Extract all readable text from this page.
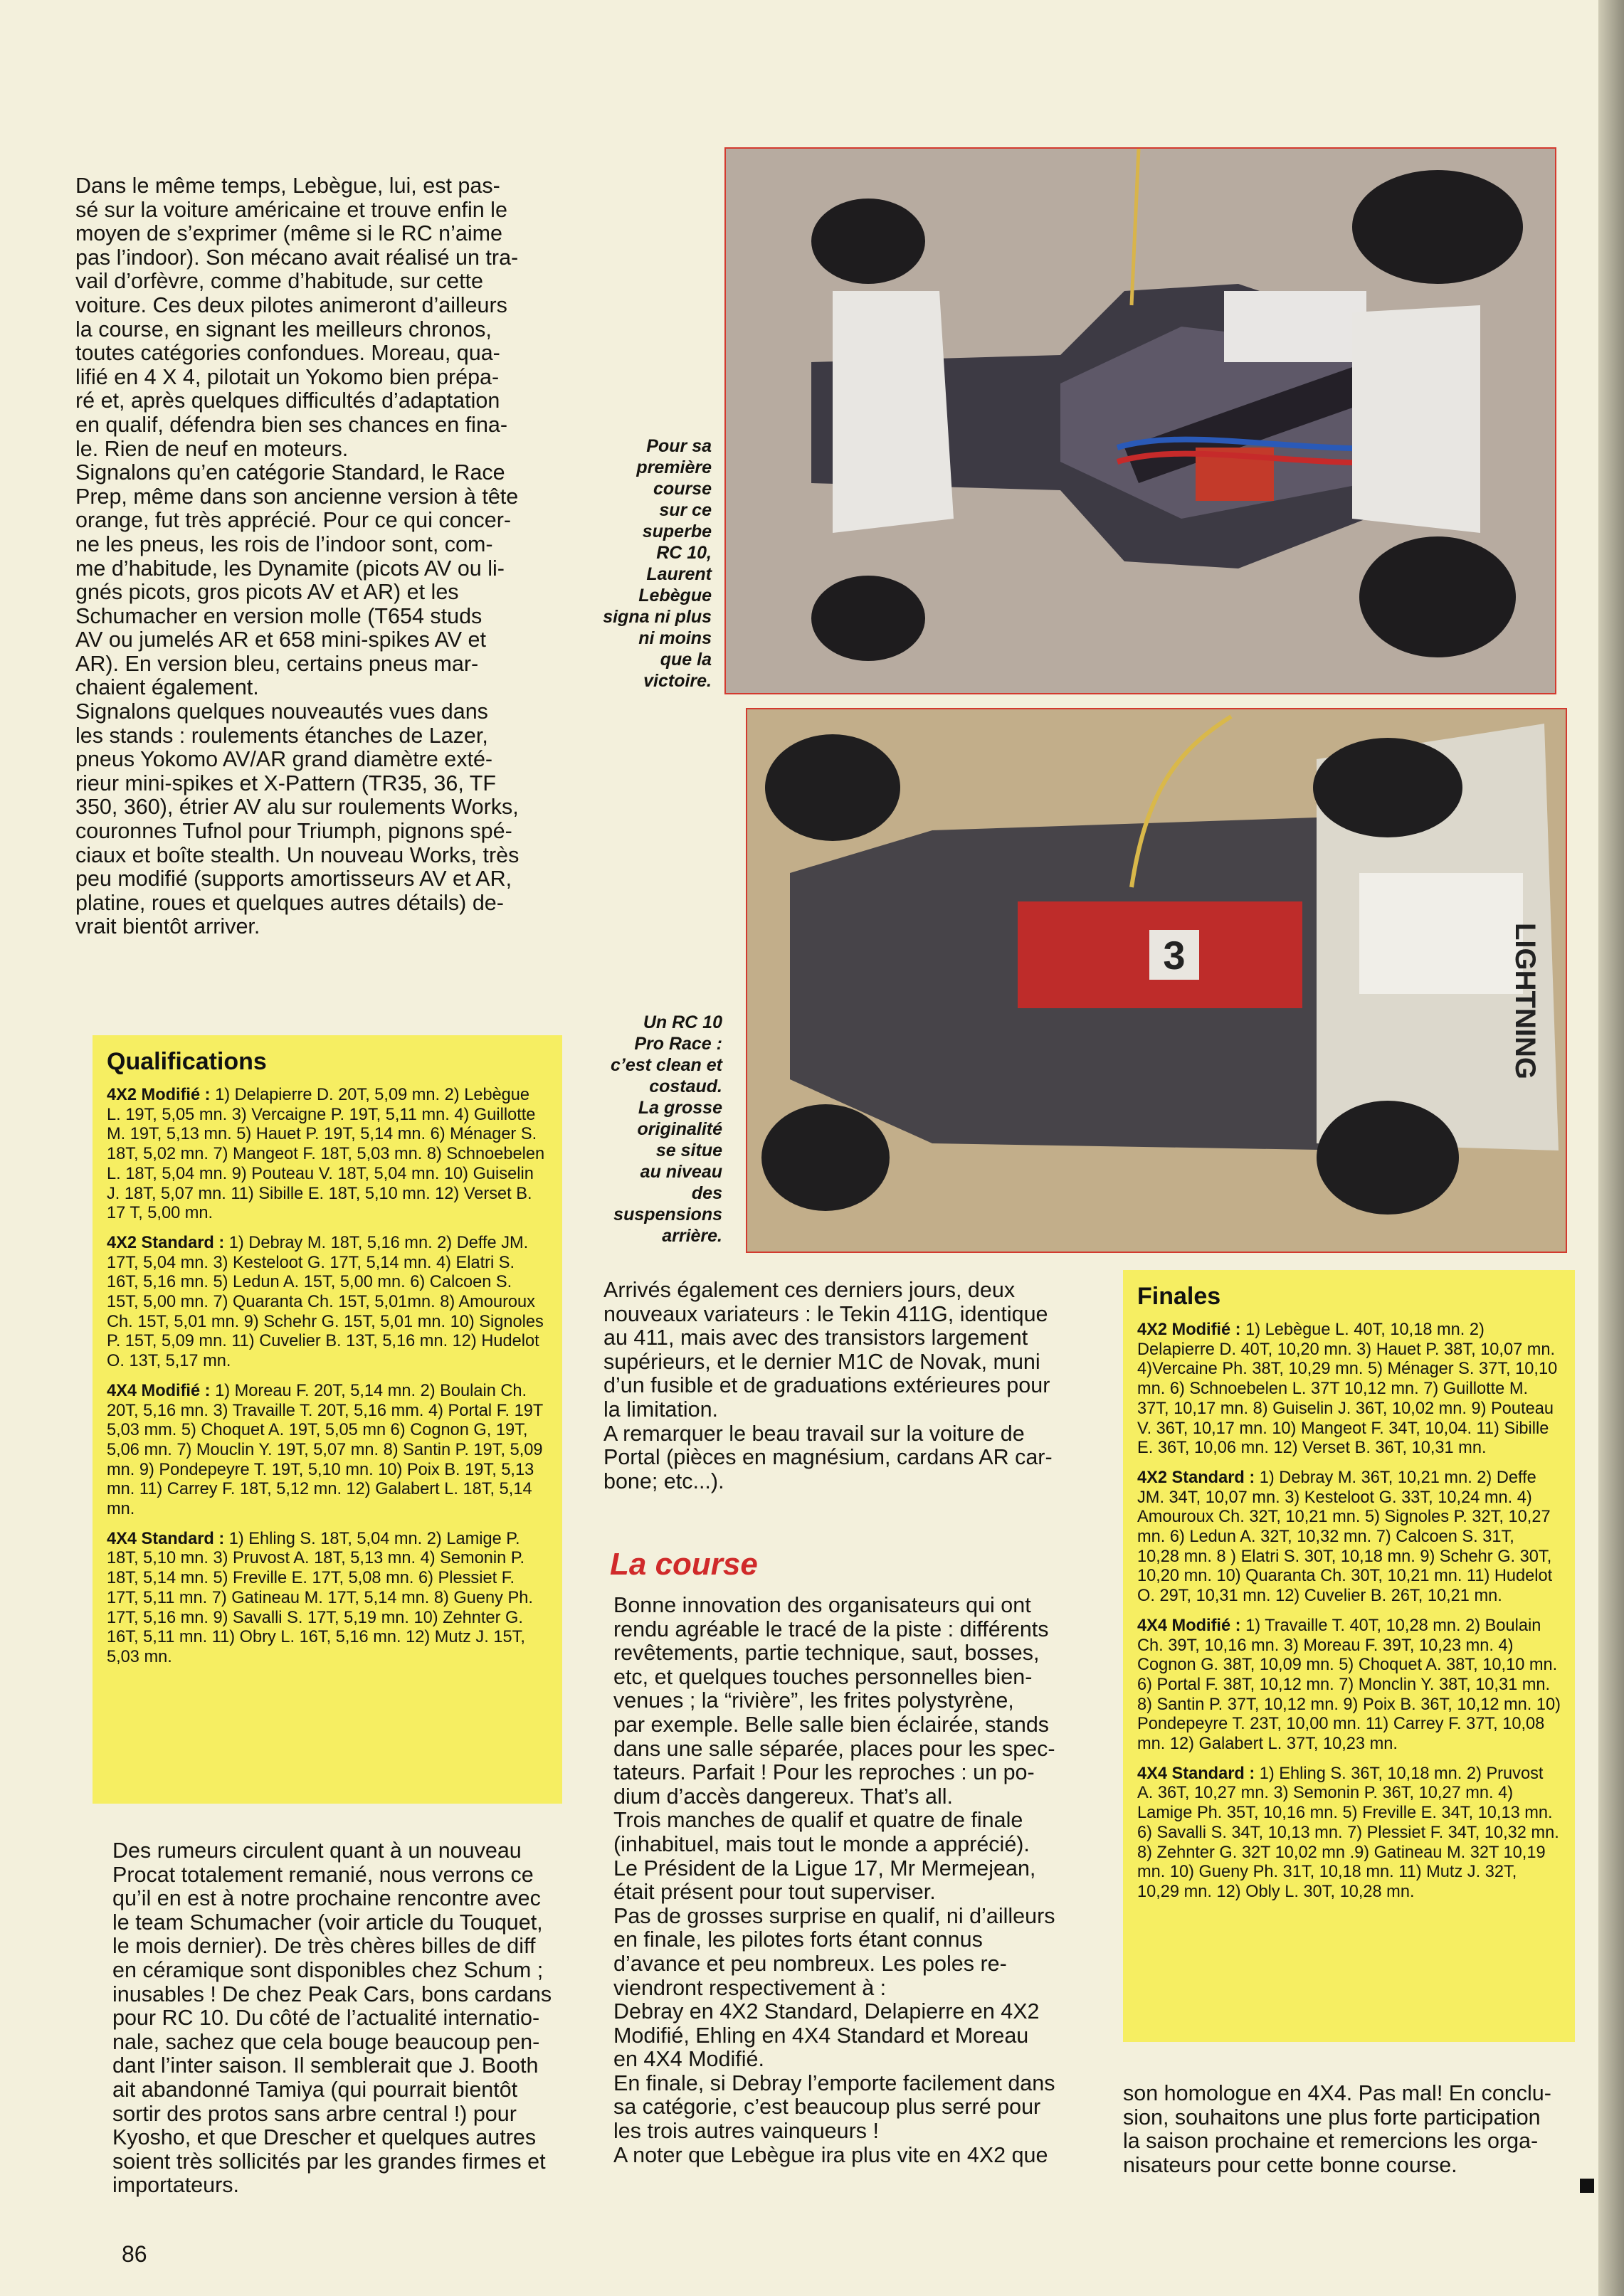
Dans le même temps, Lebègue, lui, est pas-
sé sur la voiture américaine et trouve enfin le
moyen de s’exprimer (même si le RC n’aime
pas l’indoor). Son mécano avait réalisé un tra-
vail d’orfèvre, comme d’habitude, sur cette
voiture. Ces deux pilotes animeront d’ailleurs
la course, en signant les meilleurs chronos,
toutes catégories confondues. Moreau, qua-
lifié en 4 X 4, pilotait un Yokomo bien prépa-
ré et, après quelques difficultés d’adaptation
en qualif, défendra bien ses chances en fina-
le. Rien de neuf en moteurs.
Signalons qu’en catégorie Standard, le Race
Prep, même dans son ancienne version à tête
orange, fut très apprécié. Pour ce qui concer-
ne les pneus, les rois de l’indoor sont, com-
me d’habitude, les Dynamite (picots AV ou li-
gnés picots, gros picots AV et AR) et les
Schumacher en version molle (T654 studs
AV ou jumelés AR et 658 mini-spikes AV et
AR). En version bleu, certains pneus mar-
chaient également.
Signalons quelques nouveautés vues dans
les stands : roulements étanches de Lazer,
pneus Yokomo AV/AR grand diamètre exté-
rieur mini-spikes et X-Pattern (TR35, 36, TF
350, 360), étrier AV alu sur roulements Works,
couronnes Tufnol pour Triumph, pignons spé-
ciaux et boîte stealth. Un nouveau Works, très
peu modifié (supports amortisseurs AV et AR,
platine, roues et quelques autres détails) de-
vrait bientôt arriver.

Qualifications

4X2 Modifié : 1) Delapierre D. 20T, 5,09 mn. 2) Lebègue L. 19T, 5,05 mn. 3) Vercaigne P. 19T, 5,11 mn. 4) Guillotte M. 19T, 5,13 mn. 5) Hauet P. 19T, 5,14 mn. 6) Ménager S. 18T, 5,02 mn. 7) Mangeot F. 18T, 5,03 mn. 8) Schnoebelen L. 18T, 5,04 mn. 9) Pouteau V. 18T, 5,04 mn. 10) Guiselin J. 18T, 5,07 mn. 11) Sibille E. 18T, 5,10 mn. 12) Verset B. 17 T, 5,00 mn.

4X2 Standard : 1) Debray M. 18T, 5,16 mn. 2) Deffe JM. 17T, 5,04 mn. 3) Kesteloot G. 17T, 5,14 mn. 4) Elatri S. 16T, 5,16 mn. 5) Ledun A. 15T, 5,00 mn. 6) Calcoen S. 15T, 5,00 mn. 7) Quaranta Ch. 15T, 5,01mn. 8) Amouroux Ch. 15T, 5,01 mn. 9) Schehr G. 15T, 5,01 mn. 10) Signoles P. 15T, 5,09 mn. 11) Cuvelier B. 13T, 5,16 mn. 12) Hudelot O. 13T, 5,17 mn.

4X4 Modifié : 1) Moreau F. 20T, 5,14 mn. 2) Boulain Ch. 20T, 5,16 mn. 3) Travaille T. 20T, 5,16 mm. 4) Portal F. 19T 5,03 mm. 5) Choquet A. 19T, 5,05 mn 6) Cognon G, 19T, 5,06 mn. 7) Mouclin Y. 19T, 5,07 mn. 8) Santin P. 19T, 5,09 mn. 9) Pondepeyre T. 19T, 5,10 mn. 10) Poix B. 19T, 5,13 mn. 11) Carrey F. 18T, 5,12 mn. 12) Galabert L. 18T, 5,14 mn.

4X4 Standard : 1) Ehling S. 18T, 5,04 mn. 2) Lamige P. 18T, 5,10 mn. 3) Pruvost A. 18T, 5,13 mn. 4) Semonin P. 18T, 5,14 mn. 5) Freville E. 17T, 5,08 mn. 6) Plessiet F. 17T, 5,11 mn. 7) Gatineau M. 17T, 5,14 mn. 8) Gueny Ph. 17T, 5,16 mn. 9) Savalli S. 17T, 5,19 mn. 10) Zehnter G. 16T, 5,11 mn. 11) Obry L. 16T, 5,16 mn. 12) Mutz J. 15T, 5,03 mn.

Des rumeurs circulent quant à un nouveau
Procat totalement remanié, nous verrons ce
qu’il en est à notre prochaine rencontre avec
le team Schumacher (voir article du Touquet,
le mois dernier). De très chères billes de diff
en céramique sont disponibles chez Schum ;
inusables ! De chez Peak Cars, bons cardans
pour RC 10. Du côté de l’actualité internatio-
nale, sachez que cela bouge beaucoup pen-
dant l’inter saison. Il semblerait que J. Booth
ait abandonné Tamiya (qui pourrait bientôt
sortir des protos sans arbre central !) pour
Kyosho, et que Drescher et quelques autres
soient très sollicités par les grandes firmes et
importateurs.

86

Pour sa
première
course
sur ce
superbe
RC 10,
Laurent
Lebègue
signa ni plus
ni moins
que la
victoire.

Un RC 10
Pro Race :
c’est clean et
costaud.
La grosse
originalité
se situe
au niveau
des
suspensions
arrière.

LIGHTNING
3

Arrivés également ces derniers jours, deux
nouveaux variateurs : le Tekin 411G, identique
au 411, mais avec des transistors largement
supérieurs, et le dernier M1C de Novak, muni
d’un fusible et de graduations extérieures pour
la limitation.
A remarquer le beau travail sur la voiture de
Portal (pièces en magnésium, cardans AR car-
bone; etc...).

La course

Bonne innovation des organisateurs qui ont
rendu agréable le tracé de la piste : différents
revêtements, partie technique, saut, bosses,
etc, et quelques touches personnelles bien-
venues ; la “rivière”, les frites polystyrène,
par exemple. Belle salle bien éclairée, stands
dans une salle séparée, places pour les spec-
tateurs. Parfait ! Pour les reproches : un po-
dium d’accès dangereux. That’s all.
Trois manches de qualif et quatre de finale
(inhabituel, mais tout le monde a apprécié).
Le Président de la Ligue 17, Mr Mermejean,
était présent pour tout superviser.
Pas de grosses surprise en qualif, ni d’ailleurs
en finale, les pilotes forts étant connus
d’avance et peu nombreux. Les poles re-
viendront respectivement à :
Debray en 4X2 Standard, Delapierre en 4X2
Modifié, Ehling en 4X4 Standard et Moreau
en 4X4 Modifié.
En finale, si Debray l’emporte facilement dans
sa catégorie, c’est beaucoup plus serré pour
les trois autres vainqueurs !
A noter que Lebègue ira plus vite en 4X2 que

Finales

4X2 Modifié : 1) Lebègue L. 40T, 10,18 mn. 2) Delapierre D. 40T, 10,20 mn. 3) Hauet P. 38T, 10,07 mn. 4)Vercaine Ph. 38T, 10,29 mn. 5) Ménager S. 37T, 10,10 mn. 6) Schnoebelen L. 37T 10,12 mn. 7) Guillotte M. 37T, 10,17 mn. 8) Guiselin J. 36T, 10,02 mn. 9) Pouteau V. 36T, 10,17 mn. 10) Mangeot F. 34T, 10,04. 11) Sibille E. 36T, 10,06 mn. 12) Verset B. 36T, 10,31 mn.

4X2 Standard : 1) Debray M. 36T, 10,21 mn. 2) Deffe JM. 34T, 10,07 mn. 3) Kesteloot G. 33T, 10,24 mn. 4) Amouroux Ch. 32T, 10,21 mn. 5) Signoles P. 32T, 10,27 mn. 6) Ledun A. 32T, 10,32 mn. 7) Calcoen S. 31T, 10,28 mn. 8 ) Elatri S. 30T, 10,18 mn. 9) Schehr G. 30T, 10,20 mn. 10) Quaranta Ch. 30T, 10,21 mn. 11) Hudelot O. 29T, 10,31 mn. 12) Cuvelier B. 26T, 10,21 mn.

4X4 Modifié : 1) Travaille T. 40T, 10,28 mn. 2) Boulain Ch. 39T, 10,16 mn. 3) Moreau F. 39T, 10,23 mn. 4) Cognon G. 38T, 10,09 mn. 5) Choquet A. 38T, 10,10 mn. 6) Portal F. 38T, 10,12 mn. 7) Monclin Y. 38T, 10,31 mn. 8) Santin P. 37T, 10,12 mn. 9) Poix B. 36T, 10,12 mn. 10) Pondepeyre T. 23T, 10,00 mn. 11) Carrey F. 37T, 10,08 mn. 12) Galabert L. 37T, 10,23 mn.

4X4 Standard : 1) Ehling S. 36T, 10,18 mn. 2) Pruvost A. 36T, 10,27 mn. 3) Semonin P. 36T, 10,27 mn. 4) Lamige Ph. 35T, 10,16 mn. 5) Freville E. 34T, 10,13 mn. 6) Savalli S. 34T, 10,13 mn. 7) Plessiet F. 34T, 10,32 mn. 8) Zehnter G. 32T 10,02 mn .9) Gatineau M. 32T 10,19 mn. 10) Gueny Ph. 31T, 10,18 mn. 11) Mutz J. 32T, 10,29 mn. 12) Obly L. 30T, 10,28 mn.

son homologue en 4X4. Pas mal! En conclu-
sion, souhaitons une plus forte participation
la saison prochaine et remercions les orga-
nisateurs pour cette bonne course.
